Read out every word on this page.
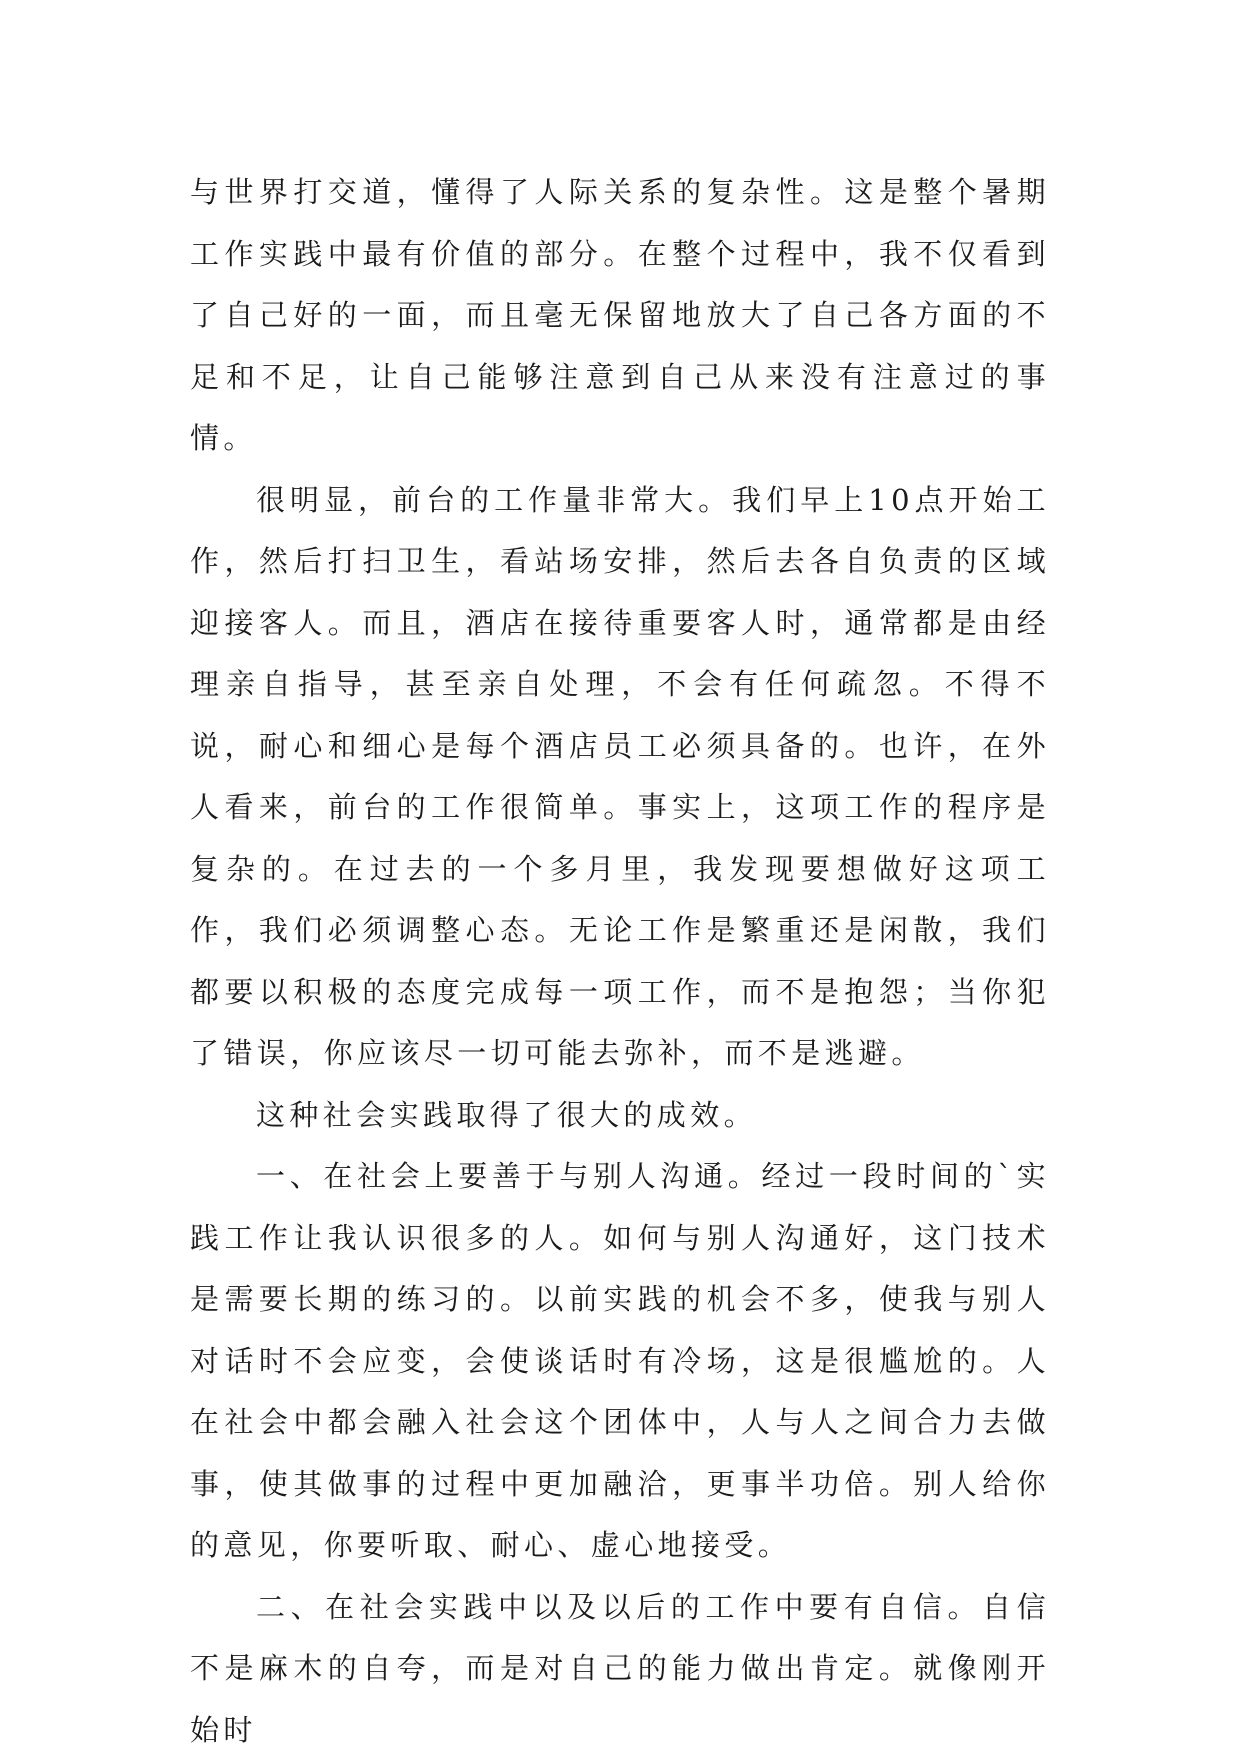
与世界打交道，懂得了人际关系的复杂性。这是整个暑期工作实践中最有价值的部分。在整个过程中，我不仅看到了自己好的一面，而且毫无保留地放大了自己各方面的不足和不足，让自己能够注意到自己从来没有注意过的事情。

很明显，前台的工作量非常大。我们早上10点开始工作，然后打扫卫生，看站场安排，然后去各自负责的区域迎接客人。而且，酒店在接待重要客人时，通常都是由经理亲自指导，甚至亲自处理，不会有任何疏忽。不得不说，耐心和细心是每个酒店员工必须具备的。也许，在外人看来，前台的工作很简单。事实上，这项工作的程序是复杂的。在过去的一个多月里，我发现要想做好这项工作，我们必须调整心态。无论工作是繁重还是闲散，我们都要以积极的态度完成每一项工作，而不是抱怨；当你犯了错误，你应该尽一切可能去弥补，而不是逃避。

这种社会实践取得了很大的成效。

一、在社会上要善于与别人沟通。经过一段时间的`实践工作让我认识很多的人。如何与别人沟通好，这门技术是需要长期的练习的。以前实践的机会不多，使我与别人对话时不会应变，会使谈话时有冷场，这是很尴尬的。人在社会中都会融入社会这个团体中，人与人之间合力去做事，使其做事的过程中更加融洽，更事半功倍。别人给你的意见，你要听取、耐心、虚心地接受。

二、在社会实践中以及以后的工作中要有自信。自信不是麻木的自夸，而是对自己的能力做出肯定。就像刚开始时
